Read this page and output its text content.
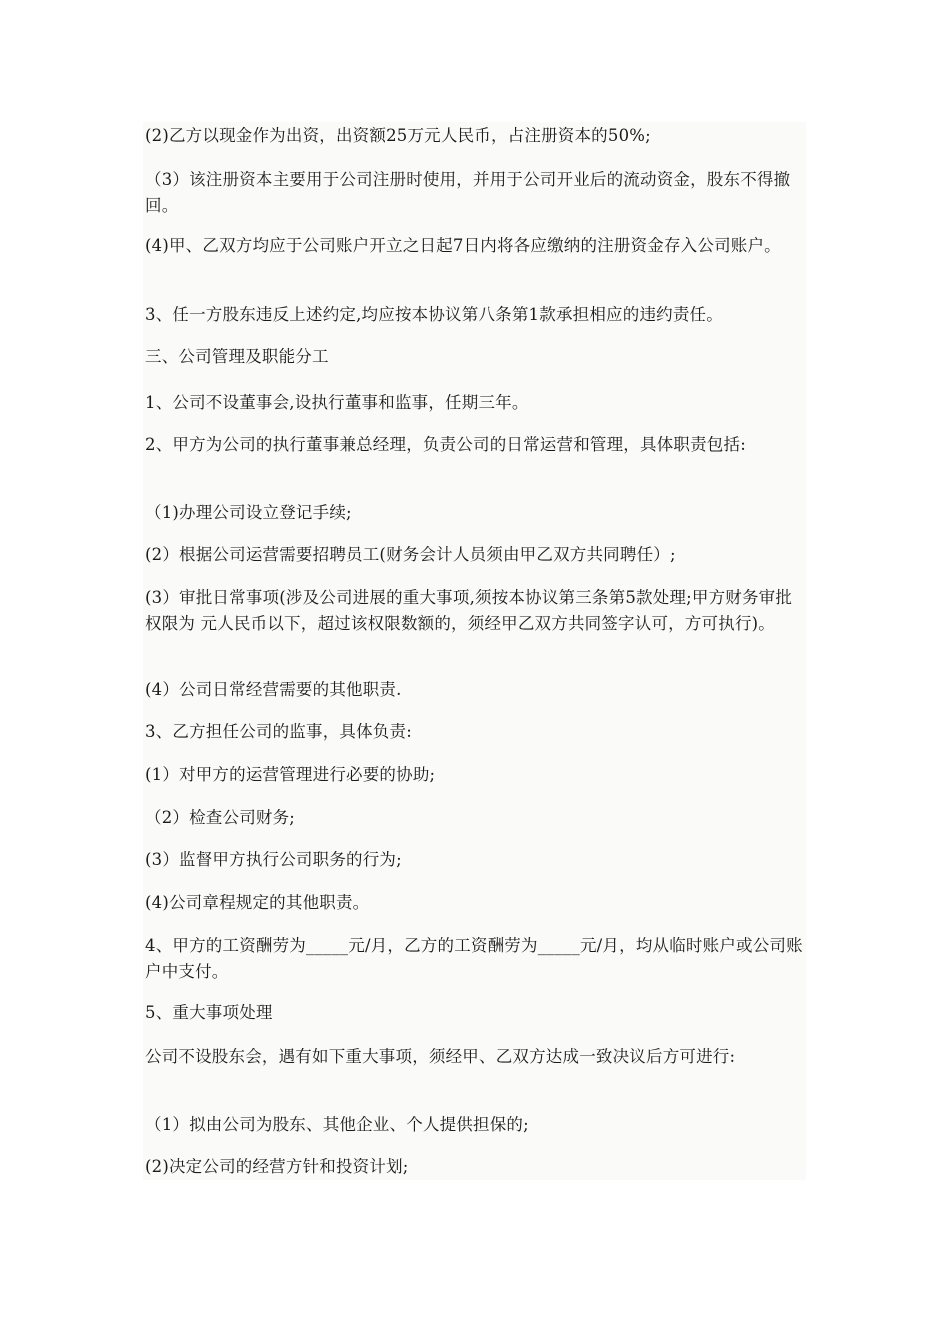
(2)乙方以现金作为出资，出资额25万元人民币，占注册资本的50%;

（3）该注册资本主要用于公司注册时使用，并用于公司开业后的流动资金，股东不得撤回。

(4)甲、乙双方均应于公司账户开立之日起7日内将各应缴纳的注册资金存入公司账户。

3、任一方股东违反上述约定,均应按本协议第八条第1款承担相应的违约责任。

三、公司管理及职能分工

1、公司不设董事会,设执行董事和监事，任期三年。

2、甲方为公司的执行董事兼总经理，负责公司的日常运营和管理，具体职责包括:

（1)办理公司设立登记手续;

(2）根据公司运营需要招聘员工(财务会计人员须由甲乙双方共同聘任）;

(3）审批日常事项(涉及公司进展的重大事项,须按本协议第三条第5款处理;甲方财务审批权限为 元人民币以下，超过该权限数额的，须经甲乙双方共同签字认可，方可执行)。

(4）公司日常经营需要的其他职责.

3、乙方担任公司的监事，具体负责:

(1）对甲方的运营管理进行必要的协助;

（2）检查公司财务;

(3）监督甲方执行公司职务的行为;

(4)公司章程规定的其他职责。

4、甲方的工资酬劳为_____元/月，乙方的工资酬劳为_____元/月，均从临时账户或公司账户中支付。

5、重大事项处理

公司不设股东会，遇有如下重大事项，须经甲、乙双方达成一致决议后方可进行:

（1）拟由公司为股东、其他企业、个人提供担保的;

(2)决定公司的经营方针和投资计划;
